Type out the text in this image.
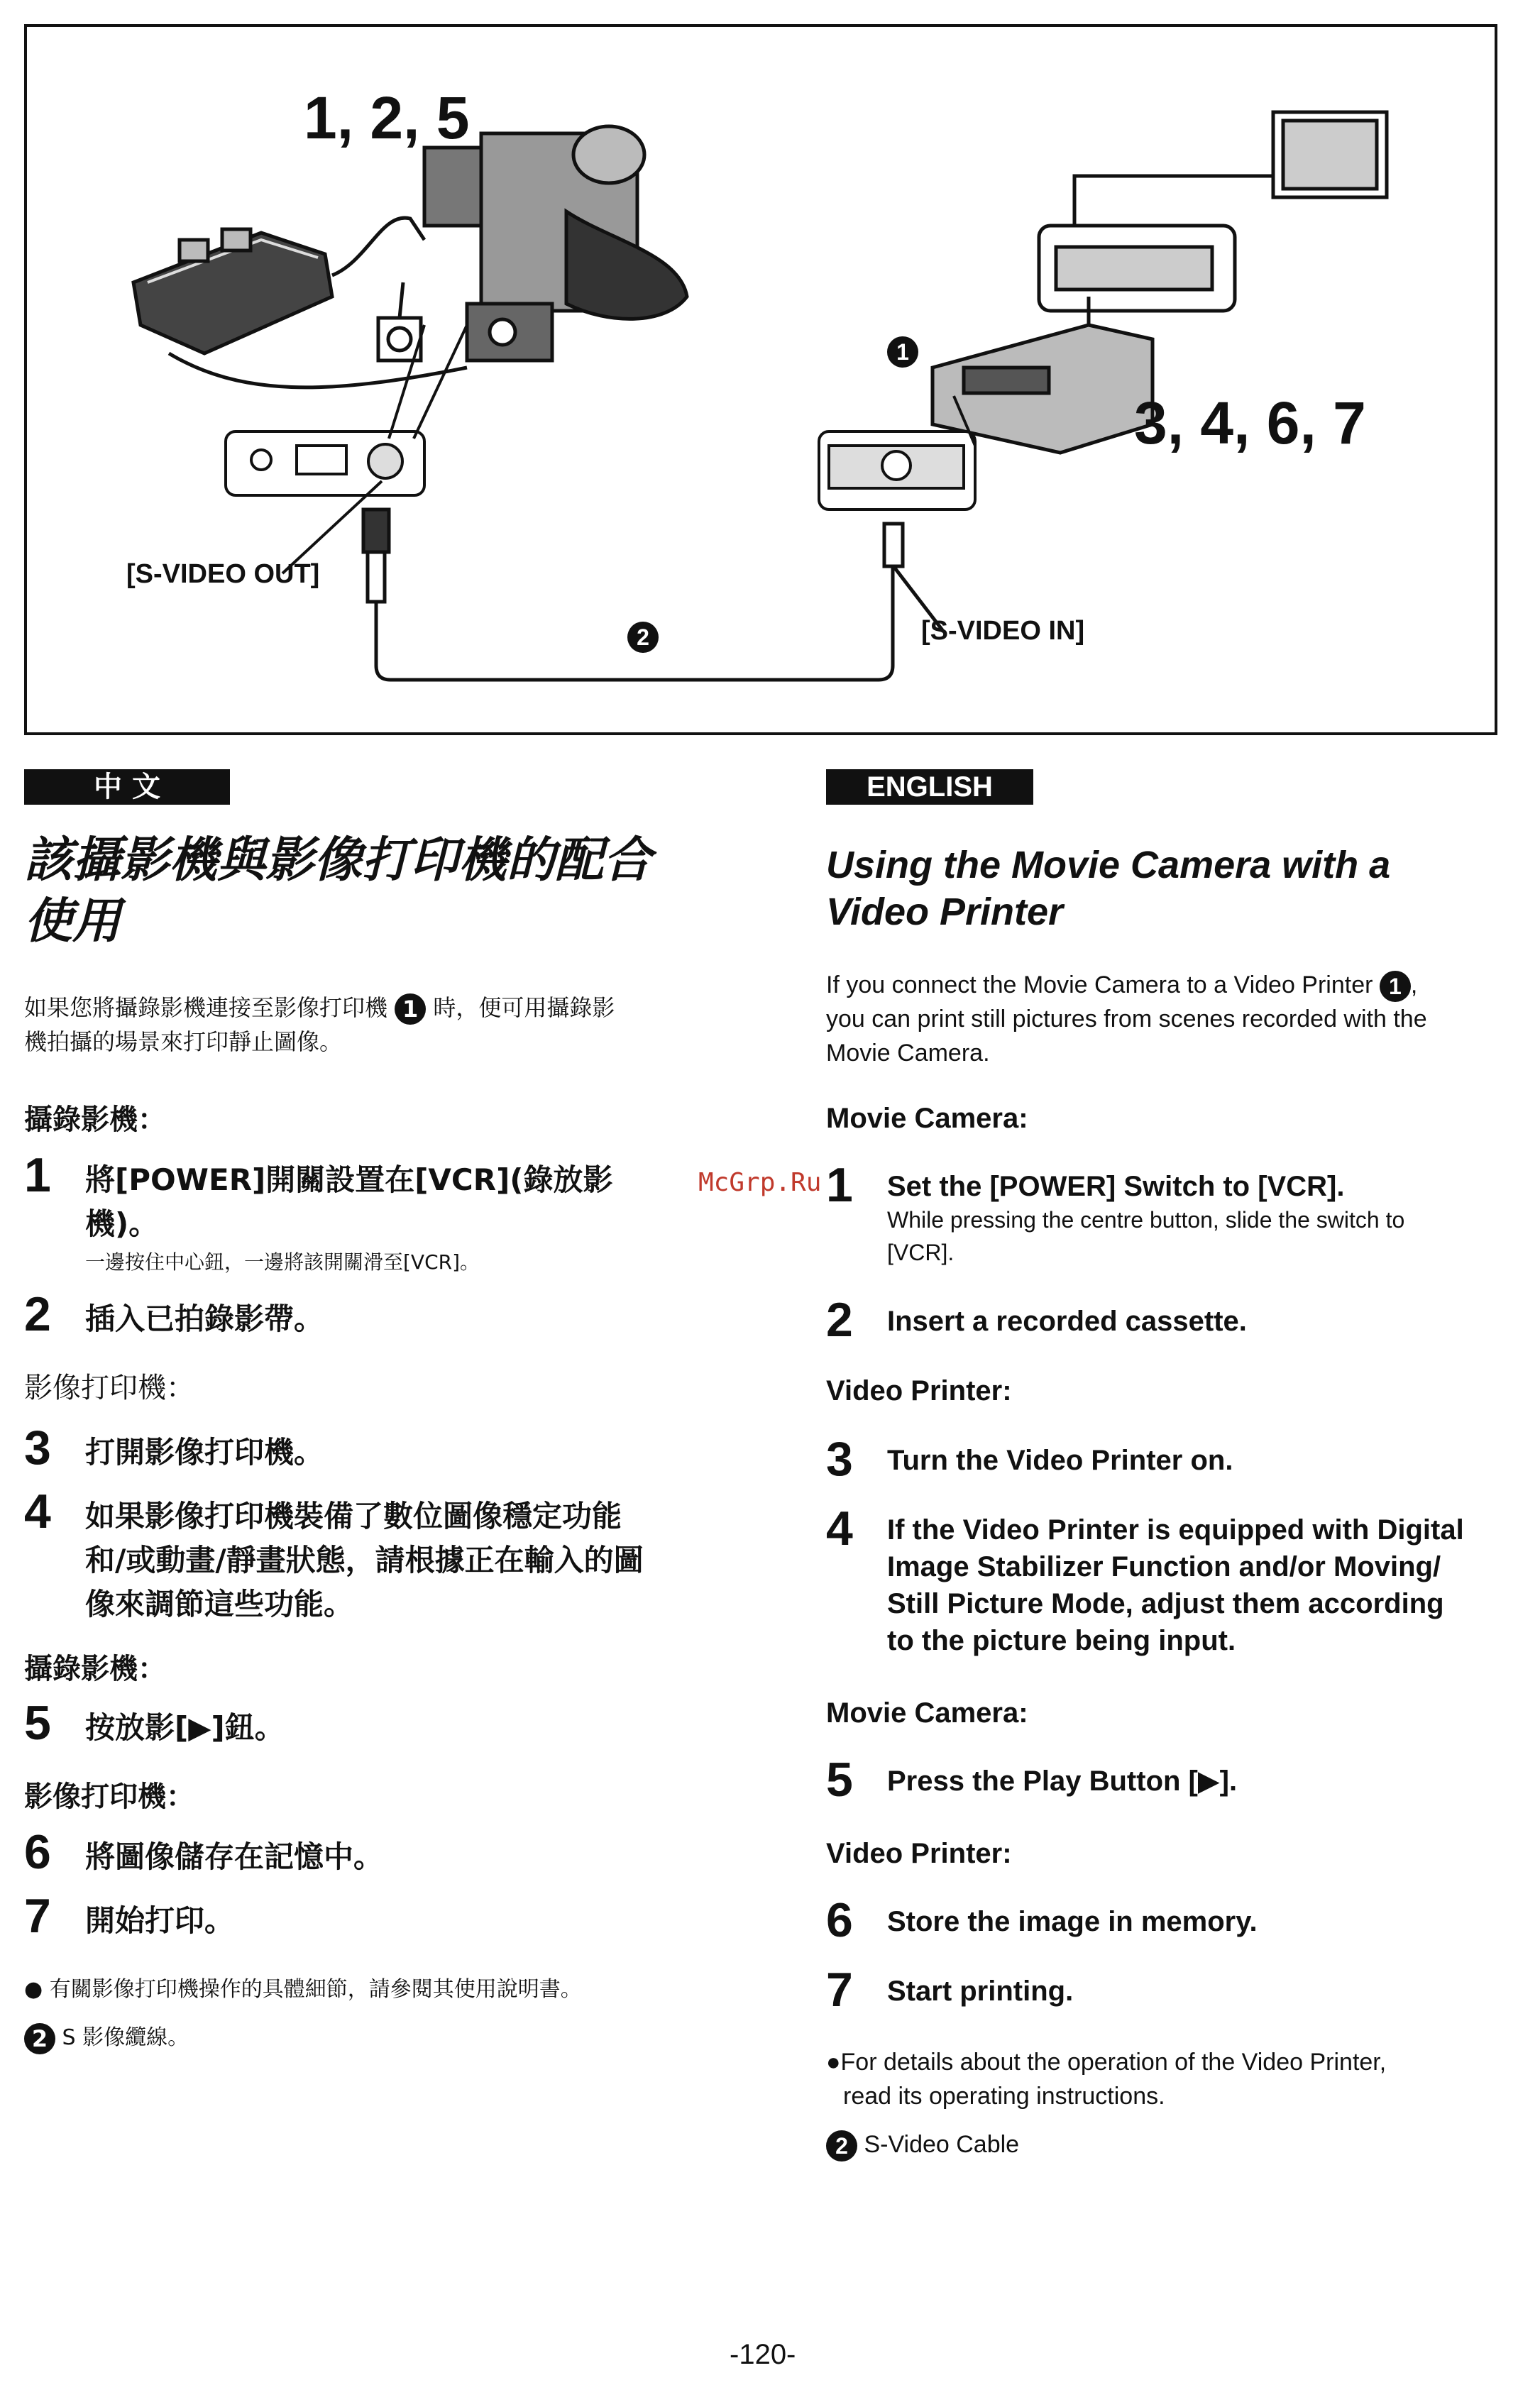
1, 2, 5
3, 4, 6, 7
[S-VIDEO OUT]
[S-VIDEO IN]
1
2
中 文
該攝影機與影像打印機的配合
使用
如果您將攝錄影機連接至影像打印機 1 時，便可用攝錄影
機拍攝的場景來打印靜止圖像。
攝錄影機：
1 將[POWER]開關設置在[VCR](錄放影
機)。
一邊按住中心鈕，一邊將該開關滑至[VCR]。
2 插入已拍錄影帶。
影像打印機：
3 打開影像打印機。
4 如果影像打印機裝備了數位圖像穩定功能
和/或動畫/靜畫狀態，請根據正在輸入的圖
像來調節這些功能。
攝錄影機：
5 按放影[▶]鈕。
影像打印機：
6 將圖像儲存在記憶中。
7 開始打印。
● 有關影像打印機操作的具體細節，請參閱其使用說明書。
2 S 影像纜線。
ENGLISH
Using the Movie Camera with a
Video Printer
If you connect the Movie Camera to a Video Printer 1 ,
you can print still pictures from scenes recorded with the
Movie Camera.
Movie Camera:
1 Set the [POWER] Switch to [VCR].
While pressing the centre button, slide the switch to
[VCR].
2 Insert a recorded cassette.
Video Printer:
3 Turn the Video Printer on.
4 If the Video Printer is equipped with Digital
Image Stabilizer Function and/or Moving/
Still Picture Mode, adjust them according
to the picture being input.
Movie Camera:
5 Press the Play Button [▶].
Video Printer:
6 Store the image in memory.
7 Start printing.
●For details about the operation of the Video Printer,
read its operating instructions.
2 S-Video Cable
McGrp.Ru
-120-
